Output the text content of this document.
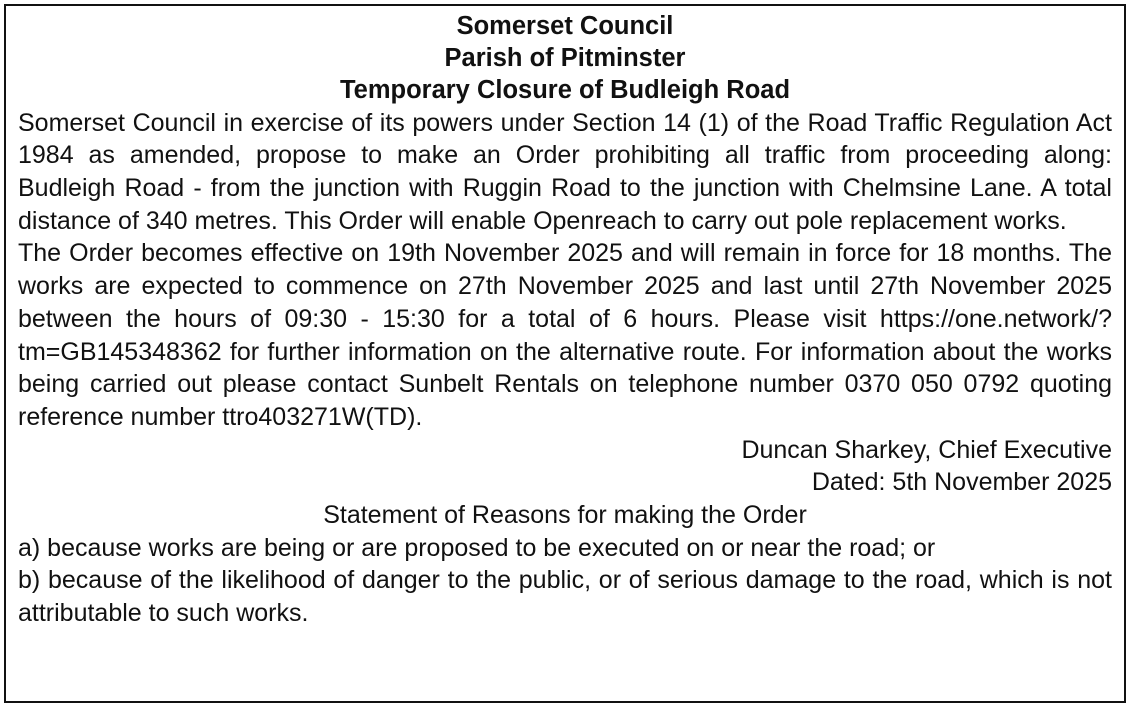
Somerset Council
Parish of Pitminster
Temporary Closure of Budleigh Road
Somerset Council in exercise of its powers under Section 14 (1) of the Road Traffic Regulation Act 1984 as amended, propose to make an Order prohibiting all traffic from proceeding along: Budleigh Road - from the junction with Ruggin Road to the junction with Chelmsine Lane. A total distance of 340 metres. This Order will enable Openreach to carry out pole replacement works.
The Order becomes effective on 19th November 2025 and will remain in force for 18 months. The works are expected to commence on 27th November 2025 and last until 27th November 2025 between the hours of 09:30 - 15:30 for a total of 6 hours. Please visit https://one.network/?tm=GB145348362 for further information on the alternative route. For information about the works being carried out please contact Sunbelt Rentals on telephone number 0370 050 0792 quoting reference number ttro403271W(TD).
Duncan Sharkey, Chief Executive
Dated: 5th November 2025
Statement of Reasons for making the Order
a) because works are being or are proposed to be executed on or near the road; or
b) because of the likelihood of danger to the public, or of serious damage to the road, which is not attributable to such works.
